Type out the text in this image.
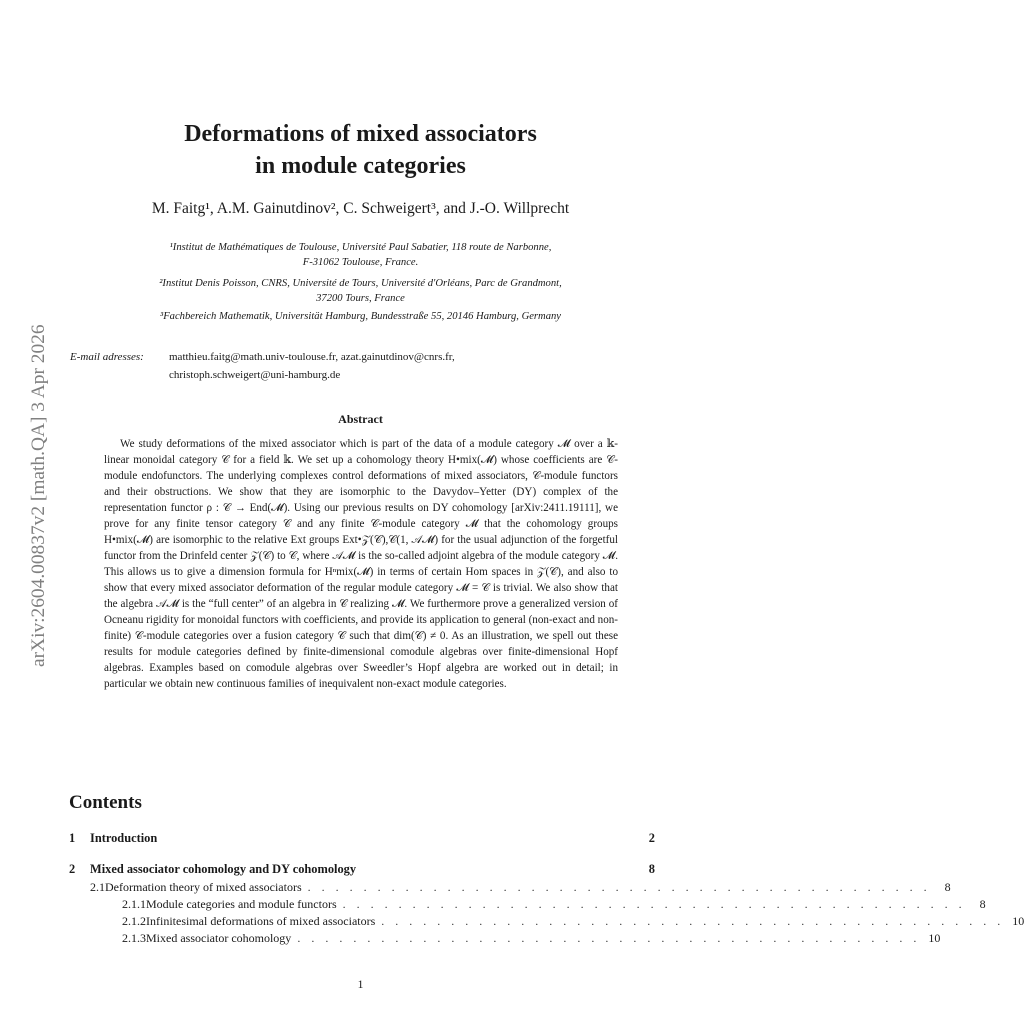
arXiv:2604.00837v2 [math.QA] 3 Apr 2026
Deformations of mixed associators
in module categories
M. Faitg¹, A.M. Gainutdinov², C. Schweigert³, and J.-O. Willprecht
¹Institut de Mathématiques de Toulouse, Université Paul Sabatier, 118 route de Narbonne,
F-31062 Toulouse, France.
²Institut Denis Poisson, CNRS, Université de Tours, Université d'Orléans, Parc de Grandmont,
37200 Tours, France
³Fachbereich Mathematik, Universität Hamburg, Bundesstraße 55, 20146 Hamburg, Germany
E-mail adresses: matthieu.faitg@math.univ-toulouse.fr, azat.gainutdinov@cnrs.fr,
christoph.schweigert@uni-hamburg.de
Abstract
We study deformations of the mixed associator which is part of the data of a module category 𝓜 over a 𝕜-linear monoidal category 𝒞 for a field 𝕜. We set up a cohomology theory H•mix(𝓜) whose coefficients are 𝒞-module endofunctors. The underlying complexes control deformations of mixed associators, 𝒞-module functors and their obstructions. We show that they are isomorphic to the Davydov–Yetter (DY) complex of the representation functor ρ : 𝒞 → End(𝓜). Using our previous results on DY cohomology [arXiv:2411.19111], we prove for any finite tensor category 𝒞 and any finite 𝒞-module category 𝓜 that the cohomology groups H•mix(𝓜) are isomorphic to the relative Ext groups Ext•𝒵(𝒞),𝒞(1, 𝒜𝓜) for the usual adjunction of the forgetful functor from the Drinfeld center 𝒵(𝒞) to 𝒞, where 𝒜𝓜 is the so-called adjoint algebra of the module category 𝓜. This allows us to give a dimension formula for Hⁿmix(𝓜) in terms of certain Hom spaces in 𝒵(𝒞), and also to show that every mixed associator deformation of the regular module category 𝓜 = 𝒞 is trivial. We also show that the algebra 𝒜𝓜 is the “full center” of an algebra in 𝒞 realizing 𝓜. We furthermore prove a generalized version of Ocneanu rigidity for monoidal functors with coefficients, and provide its application to general (non-exact and non-finite) 𝒞-module categories over a fusion category 𝒞 such that dim(𝒞) ≠ 0. As an illustration, we spell out these results for module categories defined by finite-dimensional comodule algebras over finite-dimensional Hopf algebras. Examples based on comodule algebras over Sweedler’s Hopf algebra are worked out in detail; in particular we obtain new continuous families of inequivalent non-exact module categories.
Contents
1	Introduction	2
2	Mixed associator cohomology and DY cohomology	8
2.1 Deformation theory of mixed associators . . . . . . . . . . . . . . . . . . . . . . . . . . . . . . . . . . . . . . . . . . . . .	8
2.1.1 Module categories and module functors . . . . . . . . . . . . . . . . . . . . . . . . . . . . . . . . . . . . . . . . . . . . .	8
2.1.2 Infinitesimal deformations of mixed associators . . . . . . . . . . . . . . . . . . . . . . . . . . . . . . . . . . . . . . . . . . . . . 10
2.1.3 Mixed associator cohomology . . . . . . . . . . . . . . . . . . . . . . . . . . . . . . . . . . . . . . . . . . . . . 10
1
